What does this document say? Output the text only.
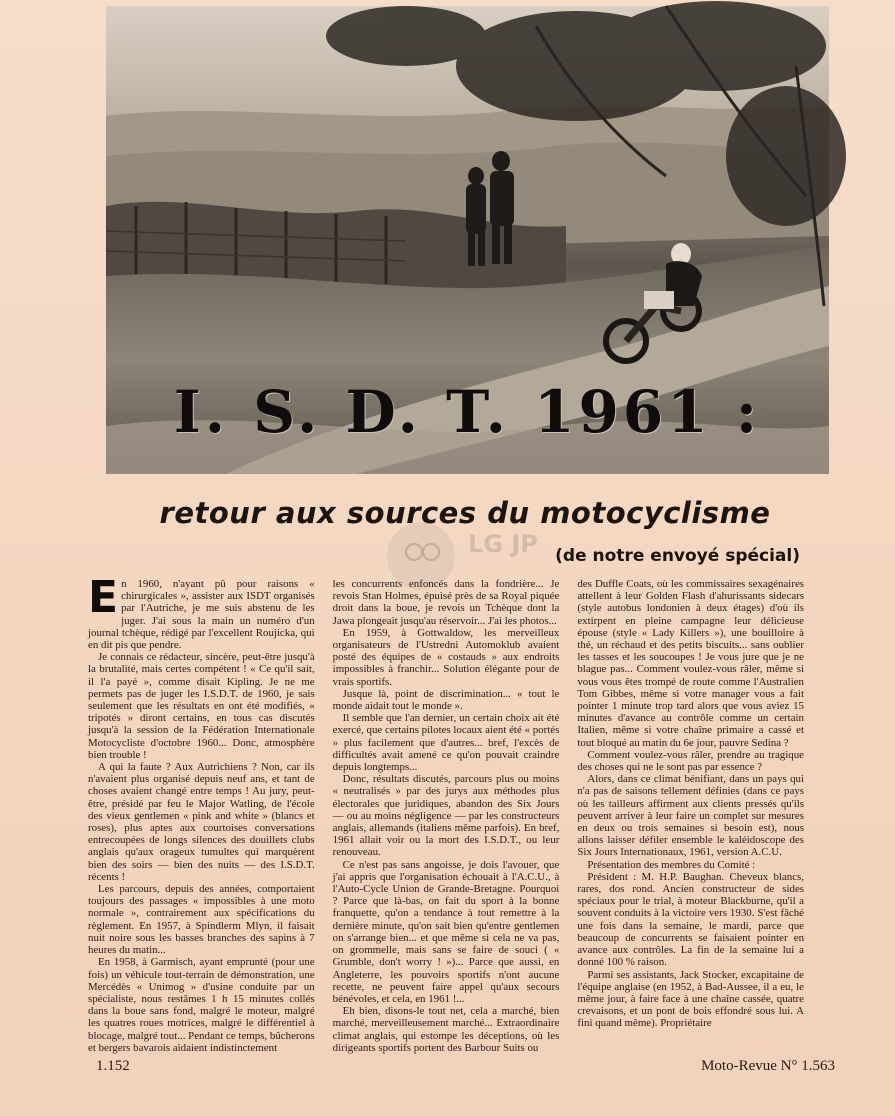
I. S. D. T. 1961 :
retour aux sources du motocyclisme
LG JP	(de notre envoyé spécial)
E n 1960, n'ayant pû pour raisons « chirurgicales », assister aux ISDT organisés par l'Autriche, je me suis abstenu de les juger. J'ai sous la main un numéro d'un journal tchèque, rédigé par l'excellent Roujicka, qui en dit pis que pendre.

Je connais ce rédacteur, sincère, peut-être jusqu'à la brutalité, mais certes compétent ! « Ce qu'il sait, il l'a payé », comme disait Kipling. Je ne me permets pas de juger les I.S.D.T. de 1960, je sais seulement que les résultats en ont été modifiés, « tripotés » diront certains, en tous cas discutés jusqu'à la session de la Fédération Internationale Motocycliste d'octobre 1960... Donc, atmosphère bien trouble !

A qui la faute ? Aux Autrichiens ? Non, car ils n'avaient plus organisé depuis neuf ans, et tant de choses avaient changé entre temps ! Au jury, peut-être, présidé par feu le Major Watling, de l'école des vieux gentlemen « pink and white » (blancs et roses), plus aptes aux courtoises conversations entrecoupées de longs silences des douillets clubs anglais qu'aux orageux tumultes qui marquèrent bien des soirs — bien des nuits — des I.S.D.T. récents !

Les parcours, depuis des années, comportaient toujours des passages « impossibles à une moto normale », contrairement aux spécifications du règlement. En 1957, à Spindlerm Mlyn, il faisait nuit noire sous les basses branches des sapins à 7 heures du matin...

En 1958, à Garmisch, ayant emprunté (pour une fois) un véhicule tout-terrain de démonstration, une Mercédès « Unimog » d'usine conduite par un spécialiste, nous restâmes 1 h 15 minutes collés dans la boue sans fond, malgré le moteur, malgré les quatres roues motrices, malgré le différentiel à blocage, malgré tout... Pendant ce temps, bûcherons et bergers bavarois aidaient indistinctement

les concurrents enfoncés dans la fondrière... Je revois Stan Holmes, épuisé près de sa Royal piquée droit dans la boue, je revois un Tchèque dont la Jawa plongeait jusqu'au réservoir... J'ai les photos...

En 1959, à Gottwaldow, les merveilleux organisateurs de l'Ustredni Automoklub avaient posté des équipes de « costauds » aux endroits impossibles à franchir... Solution élégante pour de vrais sportifs.

Jusque là, point de discrimination... « tout le monde aidait tout le monde ».

Il semble que l'an dernier, un certain choix ait été exercé, que certains pilotes locaux aient été « portés » plus facilement que d'autres... bref, l'excès de difficultés avait amené ce qu'on pouvait craindre depuis longtemps...

Donc, résultats discutés, parcours plus ou moins « neutralisés » par des jurys aux méthodes plus électorales que juridiques, abandon des Six Jours — ou au moins négligence — par les constructeurs anglais, allemands (italiens même parfois). En bref, 1961 allait voir ou la mort des I.S.D.T., ou leur renouveau.

Ce n'est pas sans angoisse, je dois l'avouer, que j'ai appris que l'organisation échouait à l'A.C.U., à l'Auto-Cycle Union de Grande-Bretagne. Pourquoi ? Parce que là-bas, on fait du sport à la bonne franquette, qu'on a tendance à tout remettre à la dernière minute, qu'on sait bien qu'entre gentlemen on s'arrange bien... et que même si cela ne va pas, on grommelle, mais sans se faire de souci ( « Grumble, don't worry ! »)... Parce que aussi, en Angleterre, les pouvoirs sportifs n'ont aucune recette, ne peuvent faire appel qu'aux secours bénévoles, et cela, en 1961 !...

Eh bien, disons-le tout net, cela a marché, bien marché, merveilleusement marché... Extraordinaire climat anglais, qui estompe les déceptions, où les dirigeants sportifs portent des Barbour Suits ou

des Duffle Coats, où les commissaires sexagénaires attellent à leur Golden Flash d'ahurissants sidecars (style autobus londonien à deux étages) d'où ils extirpent en pleine campagne leur délicieuse épouse (style « Lady Killers »), une bouilloire à thé, un réchaud et des petits biscuits... sans oublier les tasses et les soucoupes ! Je vous jure que je ne blague pas... Comment voulez-vous râler, même si vous vous êtes trompé de route comme l'Australien Tom Gibbes, même si votre manager vous a fait pointer 1 minute trop tard alors que vous aviez 15 minutes d'avance au contrôle comme un certain Italien, même si votre chaîne primaire a cassé et tout bloqué au matin du 6e jour, pauvre Sedina ?

Comment voulez-vous râler, prendre au tragique des choses qui ne le sont pas par essence ?

Alors, dans ce climat bénifiant, dans un pays qui n'a pas de saisons tellement définies (dans ce pays où les tailleurs affirment aux clients pressés qu'ils peuvent arriver à leur faire un complet sur mesures en deux ou trois semaines si besoin est), nous allons laisser défiler ensemble le kaléidoscope des Six Jours Internationaux, 1961, version A.C.U.

Présentation des membres du Comité :

Président : M. H.P. Baughan. Cheveux blancs, rares, dos rond. Ancien constructeur de sides spéciaux pour le trial, à moteur Blackburne, qu'il a souvent conduits à la victoire vers 1930. S'est fâché une fois dans la semaine, le mardi, parce que beaucoup de concurrents se faisaient pointer en avance aux contrôles. La fin de la semaine lui a donné 100 % raison.

Parmi ses assistants, Jack Stocker, excapitaine de l'équipe anglaise (en 1952, à Bad-Aussee, il a eu, le même jour, à faire face à une chaîne cassée, quatre crevaisons, et un pont de bois effondré sous lui. A fini quand même). Propriétaire

1.152	Moto-Revue N° 1.563
